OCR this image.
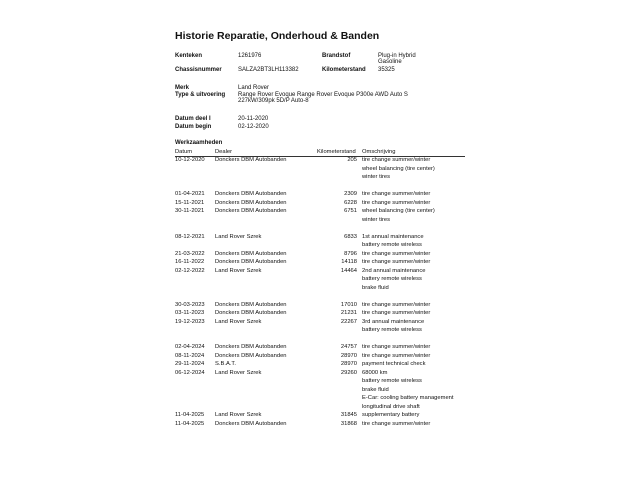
Historie Reparatie, Onderhoud & Banden
Kenteken	1261976	Brandstof	Plug-in Hybrid
Gasoline
Chassisnummer	SALZA2BT3LH113382	Kilometerstand 35325
Merk	Land Rover
Type & uitvoering Range Rover Evoque Range Rover Evoque P300e AWD Auto S
227kW/309pk 5D/P Auto-8
Datum deel I	20-11-2020
Datum begin	02-12-2020
Werkzaamheden
Datum	Dealer	Kilometerstand Omschrijving
10-12-2020 Donckers DBM Autobanden	205 tire change summer/winter
wheel balancing (tire center)
winter tires
01-04-2021 Donckers DBM Autobanden	2309 tire change summer/winter
15-11-2021 Donckers DBM Autobanden	6228 tire change summer/winter
30-11-2021 Donckers DBM Autobanden	6751 wheel balancing (tire center)
winter tires
08-12-2021 Land Rover Szrek	6833 1st annual maintenance
battery remote wireless
21-03-2022 Donckers DBM Autobanden	8796 tire change summer/winter
16-11-2022 Donckers DBM Autobanden	14118 tire change summer/winter
02-12-2022 Land Rover Szrek	14464 2nd annual maintenance
battery remote wireless
brake fluid
30-03-2023 Donckers DBM Autobanden	17010 tire change summer/winter
03-11-2023 Donckers DBM Autobanden	21231 tire change summer/winter
19-12-2023 Land Rover Szrek	22267 3rd annual maintenance
battery remote wireless
02-04-2024 Donckers DBM Autobanden	24757 tire change summer/winter
08-11-2024 Donckers DBM Autobanden	28970 tire change summer/winter
29-11-2024 S.B.A.T.	28970 payment technical check
06-12-2024 Land Rover Szrek	29260 68000 km
battery remote wireless
brake fluid
E-Car: cooling battery management
longitudinal drive shaft
11-04-2025 Land Rover Szrek	31845 supplementary battery
11-04-2025 Donckers DBM Autobanden	31868 tire change summer/winter
